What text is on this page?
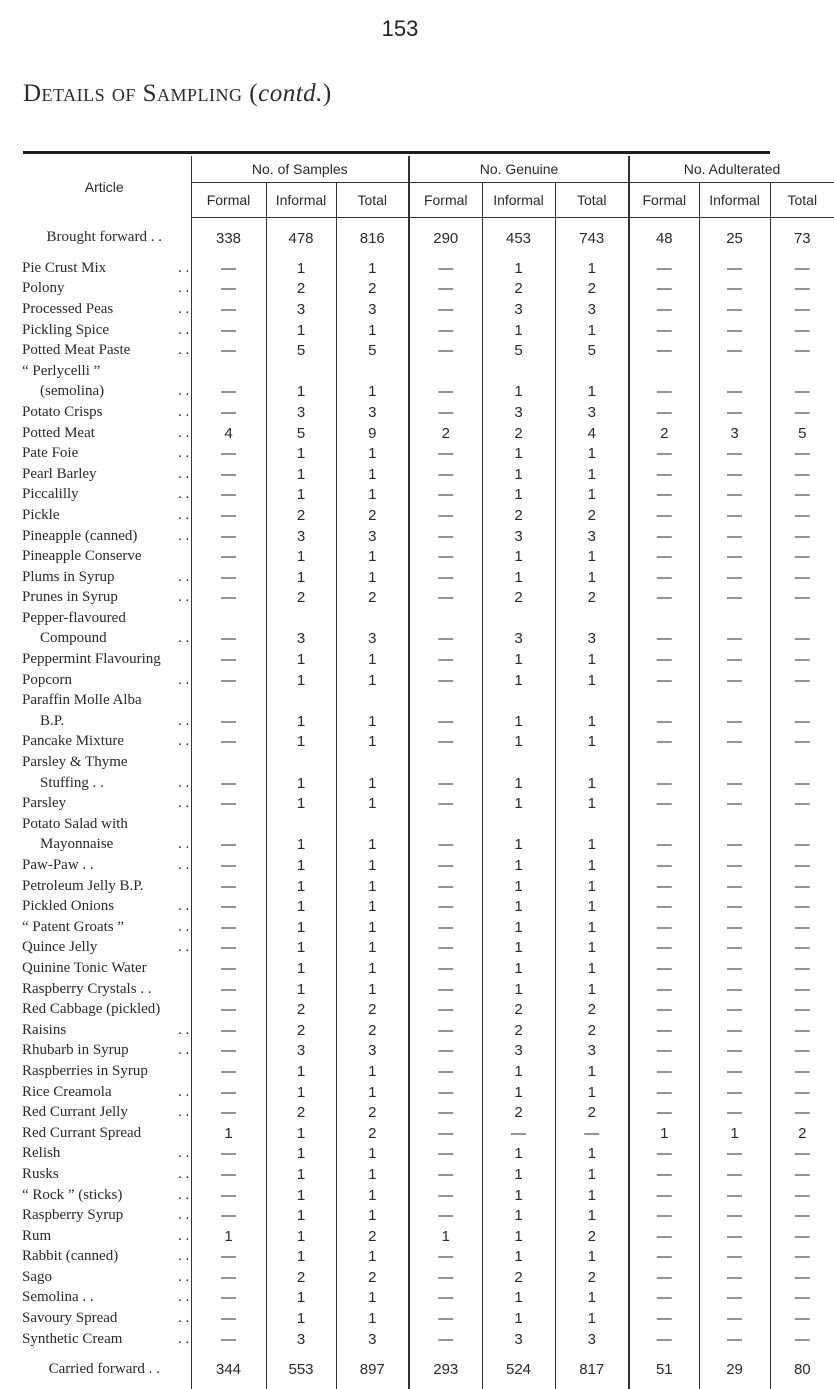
153
Details of Sampling (contd.)
Article	No. of Samples			No. Genuine			No. Adulterated		
	Formal	Informal	Total	Formal	Informal	Total	Formal	Informal	Total
Brought forward . .	338	478	816	290	453	743	48	25	73
Pie Crust Mix . .	—	1	1	—	1	1	—	—	—
Polony . .	—	2	2	—	2	2	—	—	—
Processed Peas . .	—	3	3	—	3	3	—	—	—
Pickling Spice . .	—	1	1	—	1	1	—	—	—
Potted Meat Paste . .	—	5	5	—	5	5	—	—	—
“ Perlycelli ”									
(semolina) . .	—	1	1	—	1	1	—	—	—
Potato Crisps . .	—	3	3	—	3	3	—	—	—
Potted Meat . .	4	5	9	2	2	4	2	3	5
Pate Foie . .	—	1	1	—	1	1	—	—	—
Pearl Barley . .	—	1	1	—	1	1	—	—	—
Piccalilly . .	—	1	1	—	1	1	—	—	—
Pickle . .	—	2	2	—	2	2	—	—	—
Pineapple (canned) . .	—	3	3	—	3	3	—	—	—
Pineapple Conserve	—	1	1	—	1	1	—	—	—
Plums in Syrup . .	—	1	1	—	1	1	—	—	—
Prunes in Syrup . .	—	2	2	—	2	2	—	—	—
Pepper-flavoured									
Compound . .	—	3	3	—	3	3	—	—	—
Peppermint Flavouring	—	1	1	—	1	1	—	—	—
Popcorn . .	—	1	1	—	1	1	—	—	—
Paraffin Molle Alba									
B.P. . .	—	1	1	—	1	1	—	—	—
Pancake Mixture . .	—	1	1	—	1	1	—	—	—
Parsley & Thyme									
Stuffing . . . .	—	1	1	—	1	1	—	—	—
Parsley . .	—	1	1	—	1	1	—	—	—
Potato Salad with									
Mayonnaise . .	—	1	1	—	1	1	—	—	—
Paw-Paw . . . .	—	1	1	—	1	1	—	—	—
Petroleum Jelly B.P.	—	1	1	—	1	1	—	—	—
Pickled Onions . .	—	1	1	—	1	1	—	—	—
“ Patent Groats ” . .	—	1	1	—	1	1	—	—	—
Quince Jelly . .	—	1	1	—	1	1	—	—	—
Quinine Tonic Water	—	1	1	—	1	1	—	—	—
Raspberry Crystals . .	—	1	1	—	1	1	—	—	—
Red Cabbage (pickled)	—	2	2	—	2	2	—	—	—
Raisins . .	—	2	2	—	2	2	—	—	—
Rhubarb in Syrup . .	—	3	3	—	3	3	—	—	—
Raspberries in Syrup	—	1	1	—	1	1	—	—	—
Rice Creamola . .	—	1	1	—	1	1	—	—	—
Red Currant Jelly . .	—	2	2	—	2	2	—	—	—
Red Currant Spread	1	1	2	—	—	—	1	1	2
Relish . .	—	1	1	—	1	1	—	—	—
Rusks . .	—	1	1	—	1	1	—	—	—
“ Rock ” (sticks) . .	—	1	1	—	1	1	—	—	—
Raspberry Syrup . .	—	1	1	—	1	1	—	—	—
Rum . .	1	1	2	1	1	2	—	—	—
Rabbit (canned) . .	—	1	1	—	1	1	—	—	—
Sago . .	—	2	2	—	2	2	—	—	—
Semolina . . . .	—	1	1	—	1	1	—	—	—
Savoury Spread . .	—	1	1	—	1	1	—	—	—
Synthetic Cream . .	—	3	3	—	3	3	—	—	—
Carried forward . .	344	553	897	293	524	817	51	29	80
